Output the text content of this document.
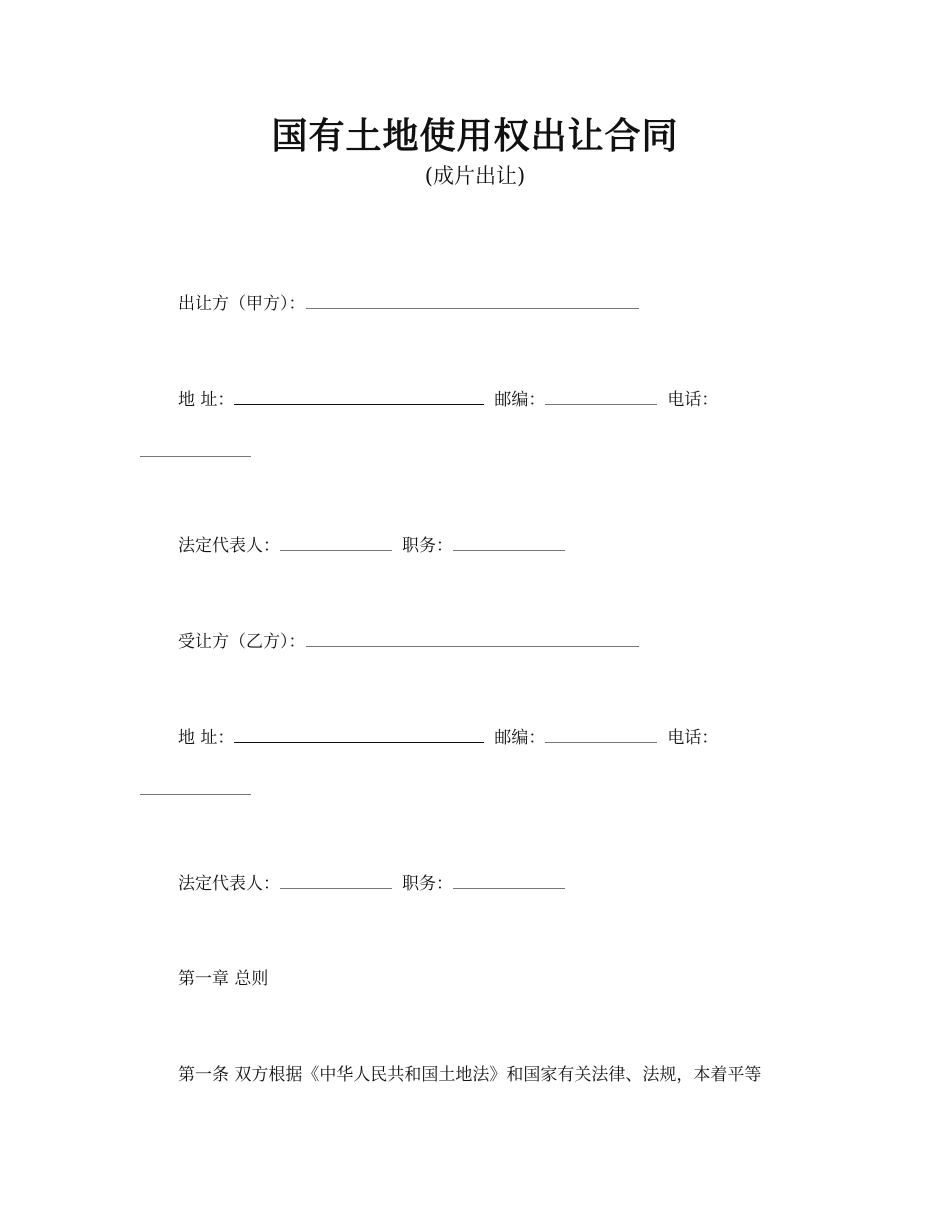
国有土地使用权出让合同
(成片出让)
出让方（甲方）：
地 址：	邮编：	电话：
法定代表人：	职务：
受让方（乙方）：
地 址：	邮编：	电话：
法定代表人：	职务：
第一章 总则
第一条 双方根据《中华人民共和国土地法》和国家有关法律、法规，本着平等
